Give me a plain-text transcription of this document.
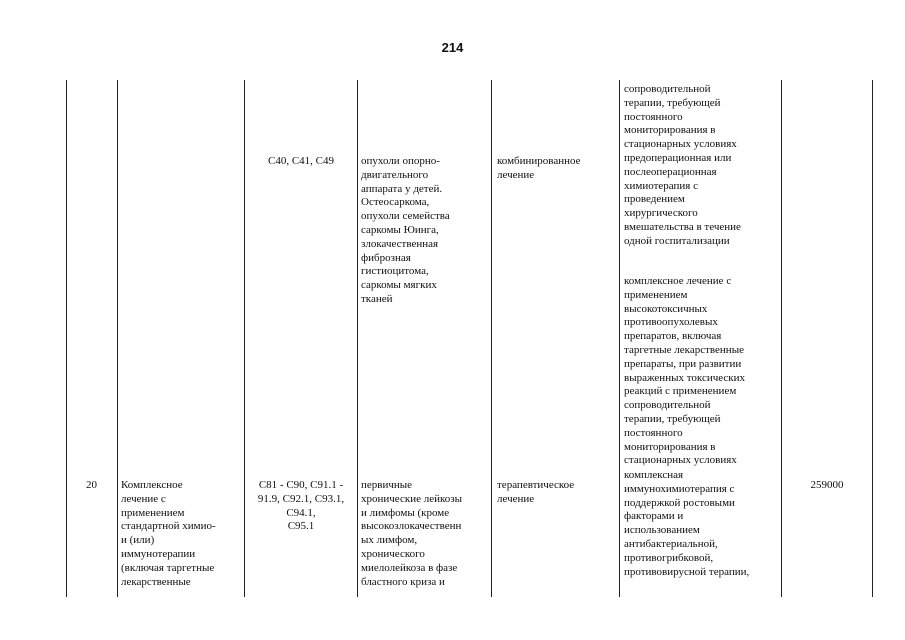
214

C40, C41, C49	опухоли опорно-
двигательного
аппарата у детей.
Остеосаркома,
опухоли семейства
саркомы Юинга,
злокачественная
фиброзная
гистиоцитома,
саркомы мягких
тканей

комбинированное
лечение

сопроводительной
терапии, требующей
постоянного
мониторирования в
стационарных условиях
предоперационная или
послеоперационная
химиотерапия с
проведением
хирургического
вмешательства в течение
одной госпитализации

комплексное лечение с
применением
высокотоксичных
противоопухолевых
препаратов, включая
таргетные лекарственные
препараты, при развитии
выраженных токсических
реакций с применением
сопроводительной
терапии, требующей
постоянного
мониторирования в
стационарных условиях

20	Комплексное
лечение с
применением
стандартной химио-
и (или)
иммунотерапии
(включая таргетные
лекарственные

C81 - C90, C91.1 -
91.9, C92.1, C93.1,
C94.1,
C95.1

первичные
хронические лейкозы
и лимфомы (кроме
высокозлокачественн
ых лимфом,
хронического
миелолейкоза в фазе
бластного криза и

терапевтическое
лечение

комплексная
иммунохимиотерапия с
поддержкой ростовыми
факторами и
использованием
антибактериальной,
противогрибковой,
противовирусной терапии,

259000
